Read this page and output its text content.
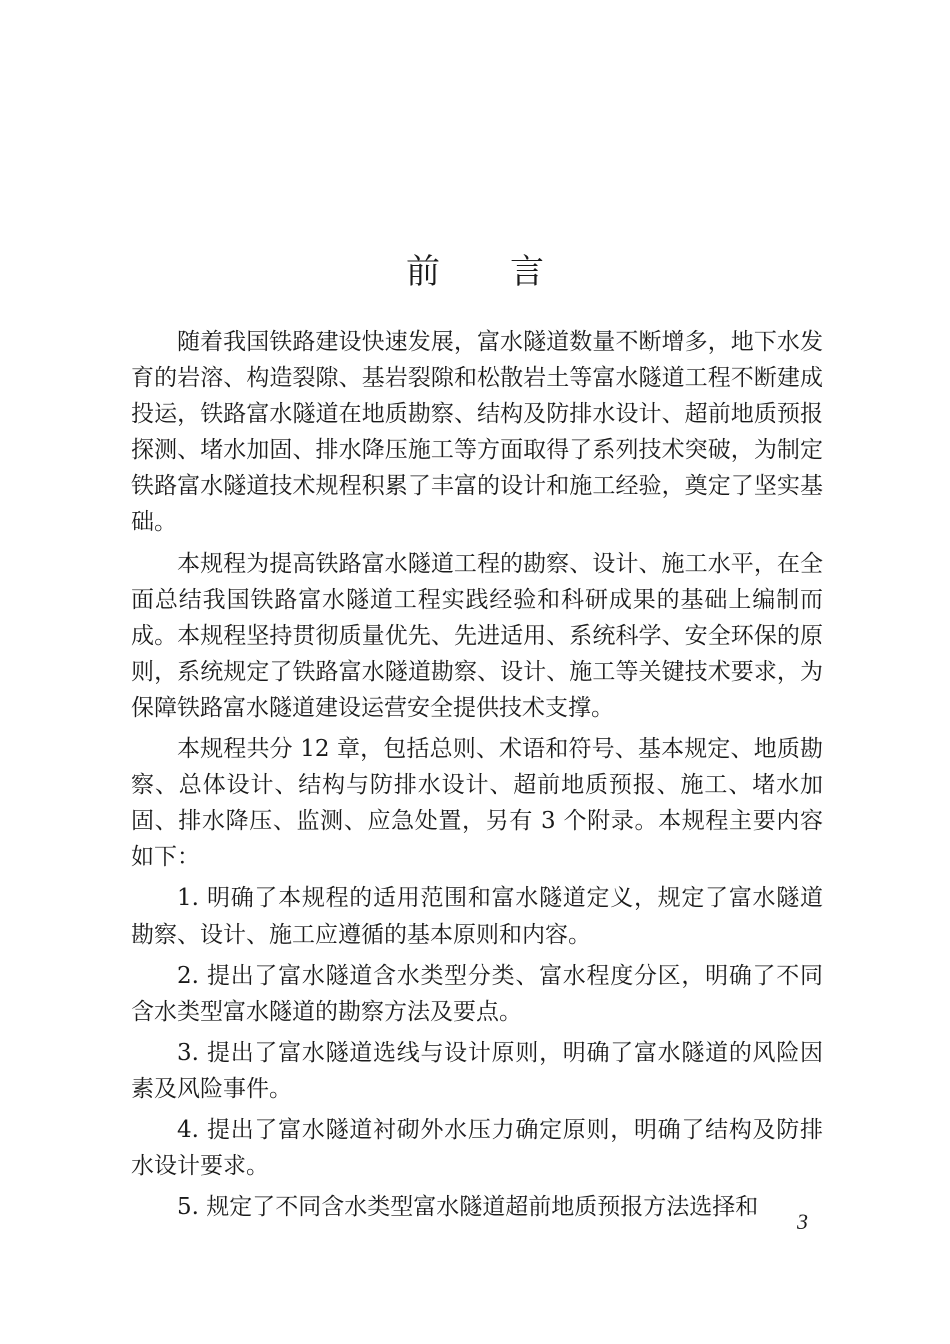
前言

随着我国铁路建设快速发展，富水隧道数量不断增多，地下水发育的岩溶、构造裂隙、基岩裂隙和松散岩土等富水隧道工程不断建成投运，铁路富水隧道在地质勘察、结构及防排水设计、超前地质预报探测、堵水加固、排水降压施工等方面取得了系列技术突破，为制定铁路富水隧道技术规程积累了丰富的设计和施工经验，奠定了坚实基础。

本规程为提高铁路富水隧道工程的勘察、设计、施工水平，在全面总结我国铁路富水隧道工程实践经验和科研成果的基础上编制而成。本规程坚持贯彻质量优先、先进适用、系统科学、安全环保的原则，系统规定了铁路富水隧道勘察、设计、施工等关键技术要求，为保障铁路富水隧道建设运营安全提供技术支撑。

本规程共分 12 章，包括总则、术语和符号、基本规定、地质勘察、总体设计、结构与防排水设计、超前地质预报、施工、堵水加固、排水降压、监测、应急处置，另有 3 个附录。本规程主要内容如下：

1. 明确了本规程的适用范围和富水隧道定义，规定了富水隧道勘察、设计、施工应遵循的基本原则和内容。

2. 提出了富水隧道含水类型分类、富水程度分区，明确了不同含水类型富水隧道的勘察方法及要点。

3. 提出了富水隧道选线与设计原则，明确了富水隧道的风险因素及风险事件。

4. 提出了富水隧道衬砌外水压力确定原则，明确了结构及防排水设计要求。

5. 规定了不同含水类型富水隧道超前地质预报方法选择和

3
